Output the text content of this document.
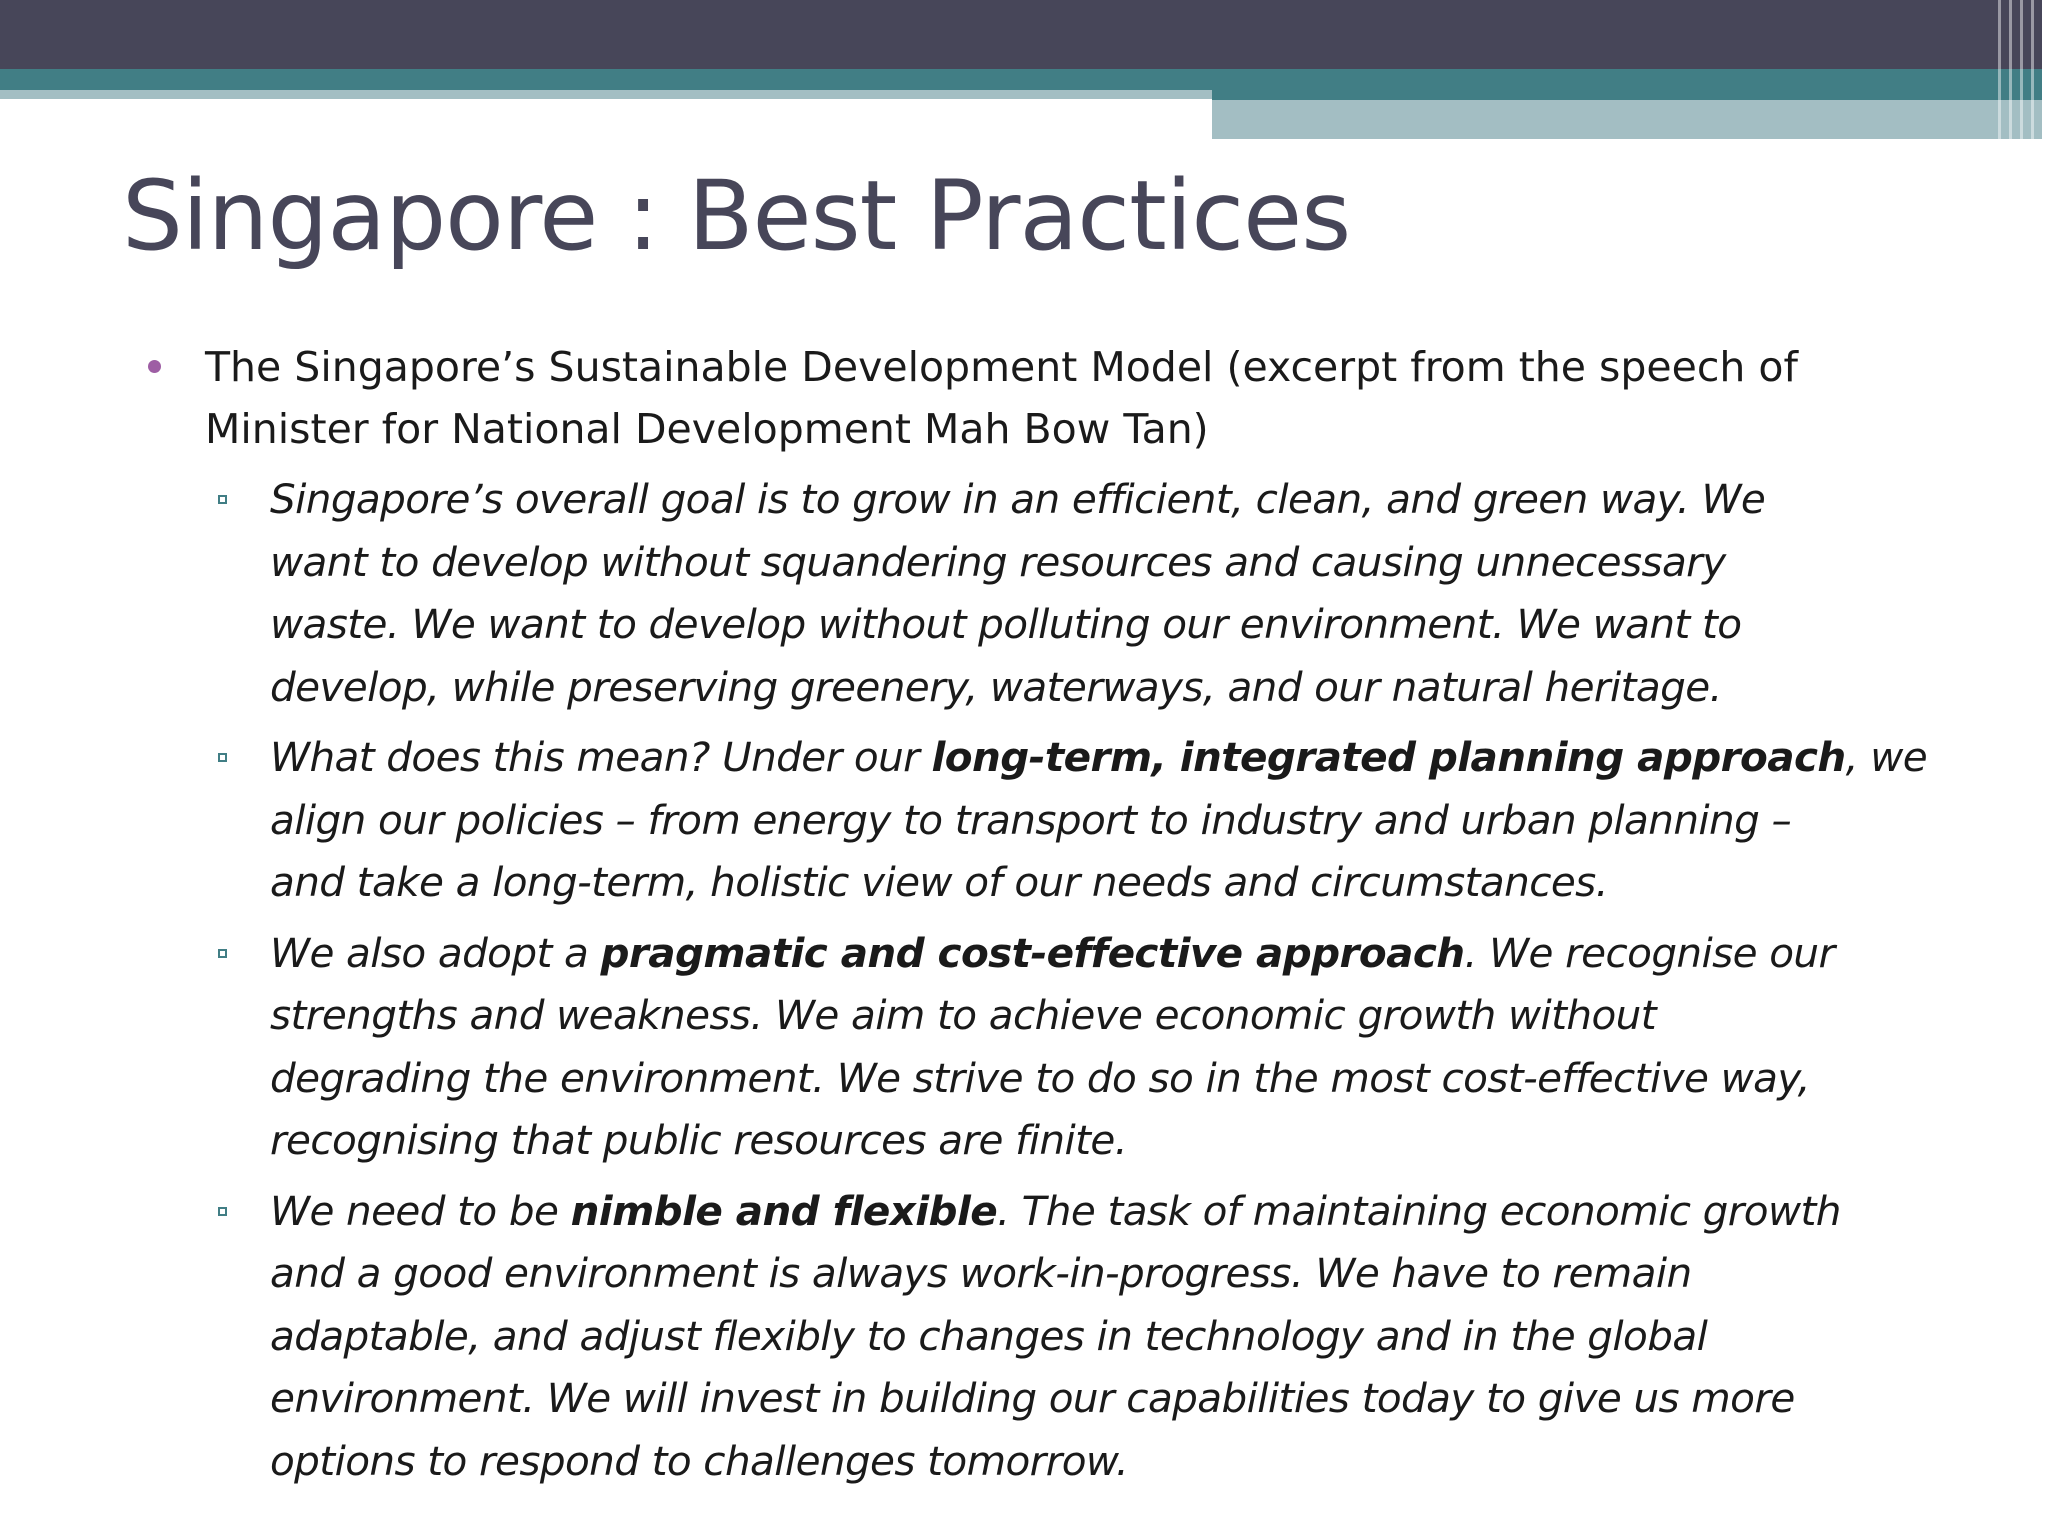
Singapore : Best Practices
The Singapore’s Sustainable Development Model (excerpt from the speech of
Minister for National Development Mah Bow Tan)
Singapore’s overall goal is to grow in an efficient, clean, and green way. We
want to develop without squandering resources and causing unnecessary
waste. We want to develop without polluting our environment. We want to
develop, while preserving greenery, waterways, and our natural heritage.
What does this mean? Under our long-term, integrated planning approach, we
align our policies – from energy to transport to industry and urban planning –
and take a long-term, holistic view of our needs and circumstances.
We also adopt a pragmatic and cost-effective approach. We recognise our
strengths and weakness. We aim to achieve economic growth without
degrading the environment. We strive to do so in the most cost-effective way,
recognising that public resources are finite.
We need to be nimble and flexible. The task of maintaining economic growth
and a good environment is always work-in-progress. We have to remain
adaptable, and adjust flexibly to changes in technology and in the global
environment. We will invest in building our capabilities today to give us more
options to respond to challenges tomorrow.
